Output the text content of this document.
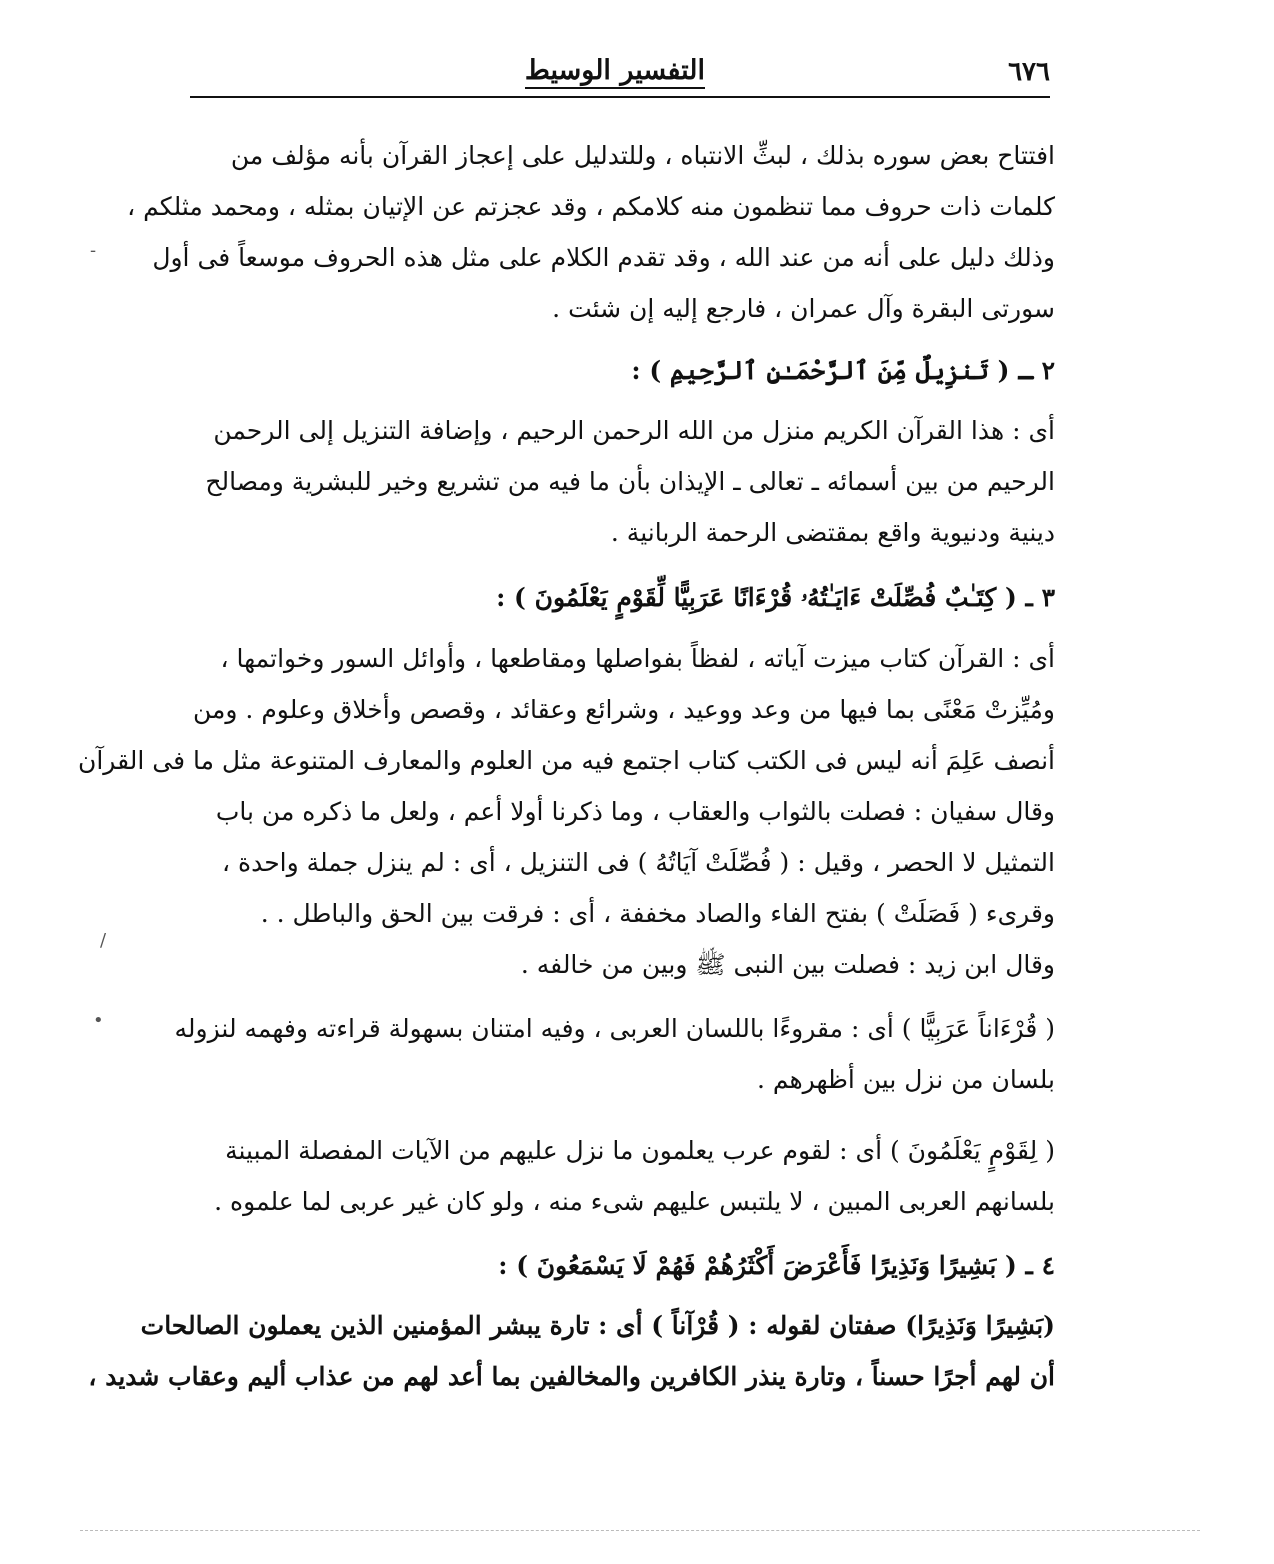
٦٧٦
التفسير الوسيط
افتتاح بعض سوره بذلك ، لبثِّ الانتباه ، وللتدليل على إعجاز القرآن بأنه مؤلف من
كلمات ذات حروف مما تنظمون منه كلامكم ، وقد عجزتم عن الإتيان بمثله ، ومحمد مثلكم ،
وذلك دليل على أنه من عند الله ، وقد تقدم الكلام على مثل هذه الحروف موسعاً فى أول
سورتى البقرة وآل عمران ، فارجع إليه إن شئت .
٢ ـ ( تَنزِيلٌ مِّنَ ٱلرَّحْمَـٰنِ ٱلرَّحِيمِ ) :
أى : هذا القرآن الكريم منزل من الله الرحمن الرحيم ، وإضافة التنزيل إلى الرحمن
الرحيم من بين أسمائه ـ تعالى ـ الإيذان بأن ما فيه من تشريع وخير للبشرية ومصالح
دينية ودنيوية واقع بمقتضى الرحمة الربانية .
٣ ـ ( كِتَـٰبٌ فُصِّلَتْ ءَايَـٰتُهُۥ قُرْءَانًا عَرَبِيًّا لِّقَوْمٍ يَعْلَمُونَ ) :
أى : القرآن كتاب ميزت آياته ، لفظاً بفواصلها ومقاطعها ، وأوائل السور وخواتمها ،
ومُيِّزتْ مَعْنًى بما فيها من وعد ووعيد ، وشرائع وعقائد ، وقصص وأخلاق وعلوم . ومن
أنصف عَلِمَ أنه ليس فى الكتب كتاب اجتمع فيه من العلوم والمعارف المتنوعة مثل ما فى القرآن
وقال سفيان : فصلت بالثواب والعقاب ، وما ذكرنا أولا أعم ، ولعل ما ذكره من باب
التمثيل لا الحصر ، وقيل : ( فُصِّلَتْ آيَاتُهُ ) فى التنزيل ، أى : لم ينزل جملة واحدة ،
وقرىء ( فَصَلَتْ ) بفتح الفاء والصاد مخففة ، أى : فرقت بين الحق والباطل . .
وقال ابن زيد : فصلت بين النبى ﷺ وبين من خالفه .
( قُرْءَاناً عَرَبِيًّا ) أى : مقروءًا باللسان العربى ، وفيه امتنان بسهولة قراءته وفهمه لنزوله
بلسان من نزل بين أظهرهم .
( لِقَوْمٍ يَعْلَمُونَ ) أى : لقوم عرب يعلمون ما نزل عليهم من الآيات المفصلة المبينة
بلسانهم العربى المبين ، لا يلتبس عليهم شىء منه ، ولو كان غير عربى لما علموه .
٤ ـ ( بَشِيرًا وَنَذِيرًا فَأَعْرَضَ أَكْثَرُهُمْ فَهُمْ لَا يَسْمَعُونَ ) :
(بَشِيرًا وَنَذِيرًا) صفتان لقوله : ( قُرْآناً ) أى : تارة يبشر المؤمنين الذين يعملون الصالحات
أن لهم أجرًا حسناً ، وتارة ينذر الكافرين والمخالفين بما أعد لهم من عذاب أليم وعقاب شديد ،
-
/
•
